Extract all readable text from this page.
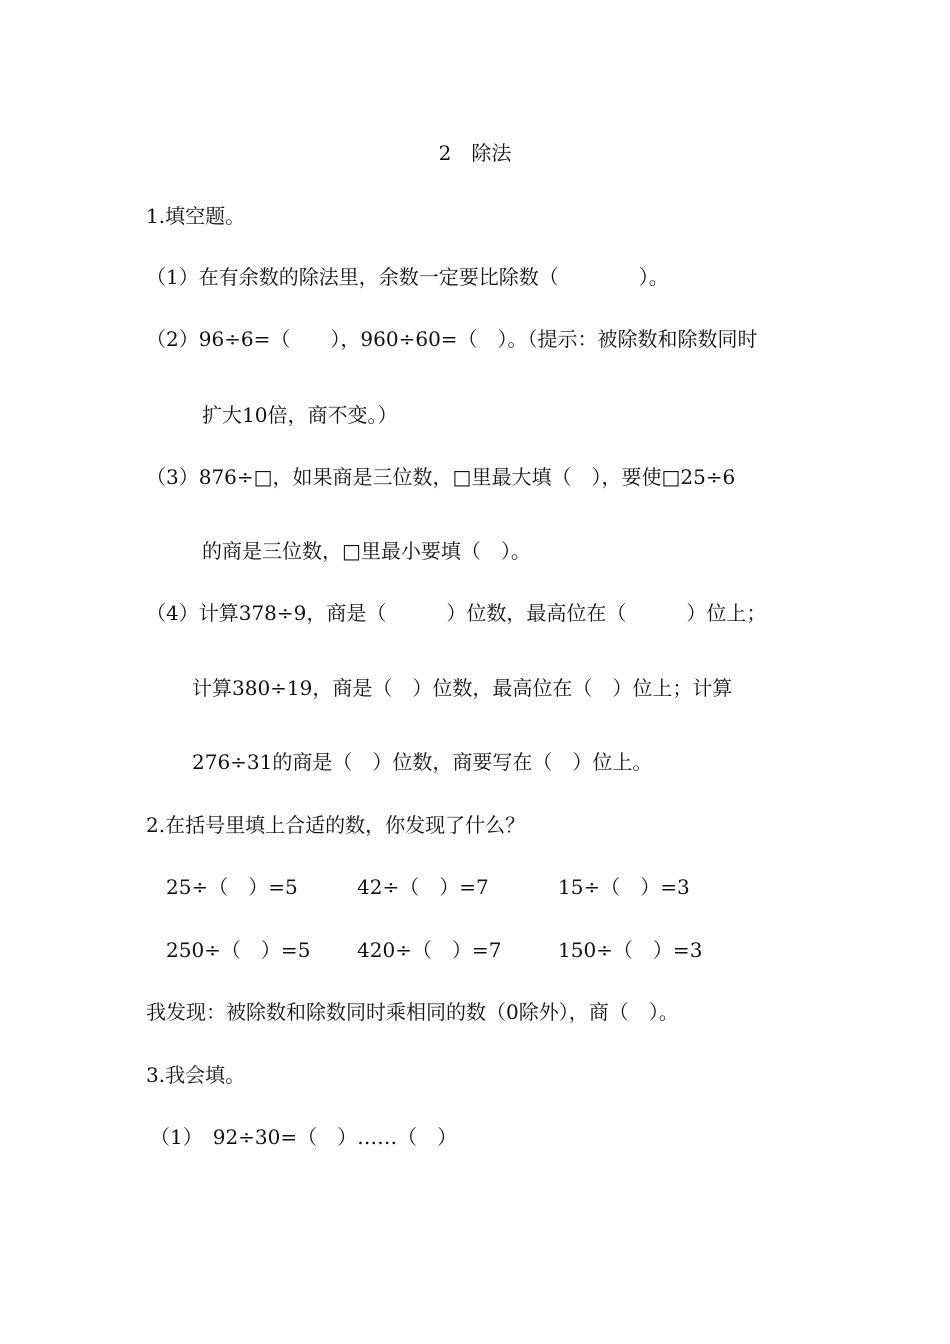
2　除法
1.填空题。
（1）在有余数的除法里，余数一定要比除数（　　　　）。
（2）96÷6=（　　），960÷60=（　）。（提示：被除数和除数同时
扩大10倍，商不变。）
（3）876÷□，如果商是三位数，□里最大填（　），要使□25÷6
的商是三位数，□里最小要填（　）。
（4）计算378÷9，商是（　　　）位数，最高位在（　　　）位上；
计算380÷19，商是（　）位数，最高位在（　）位上；计算
276÷31的商是（　）位数，商要写在（　）位上。
2.在括号里填上合适的数，你发现了什么？
25÷（　）=5	42÷（　）=7	15÷（　）=3
250÷（　）=5 420÷（　）=7	150÷（　）=3
我发现：被除数和除数同时乘相同的数（0除外），商（　）。
3.我会填。
（1）　92÷30=（　）……（　）
